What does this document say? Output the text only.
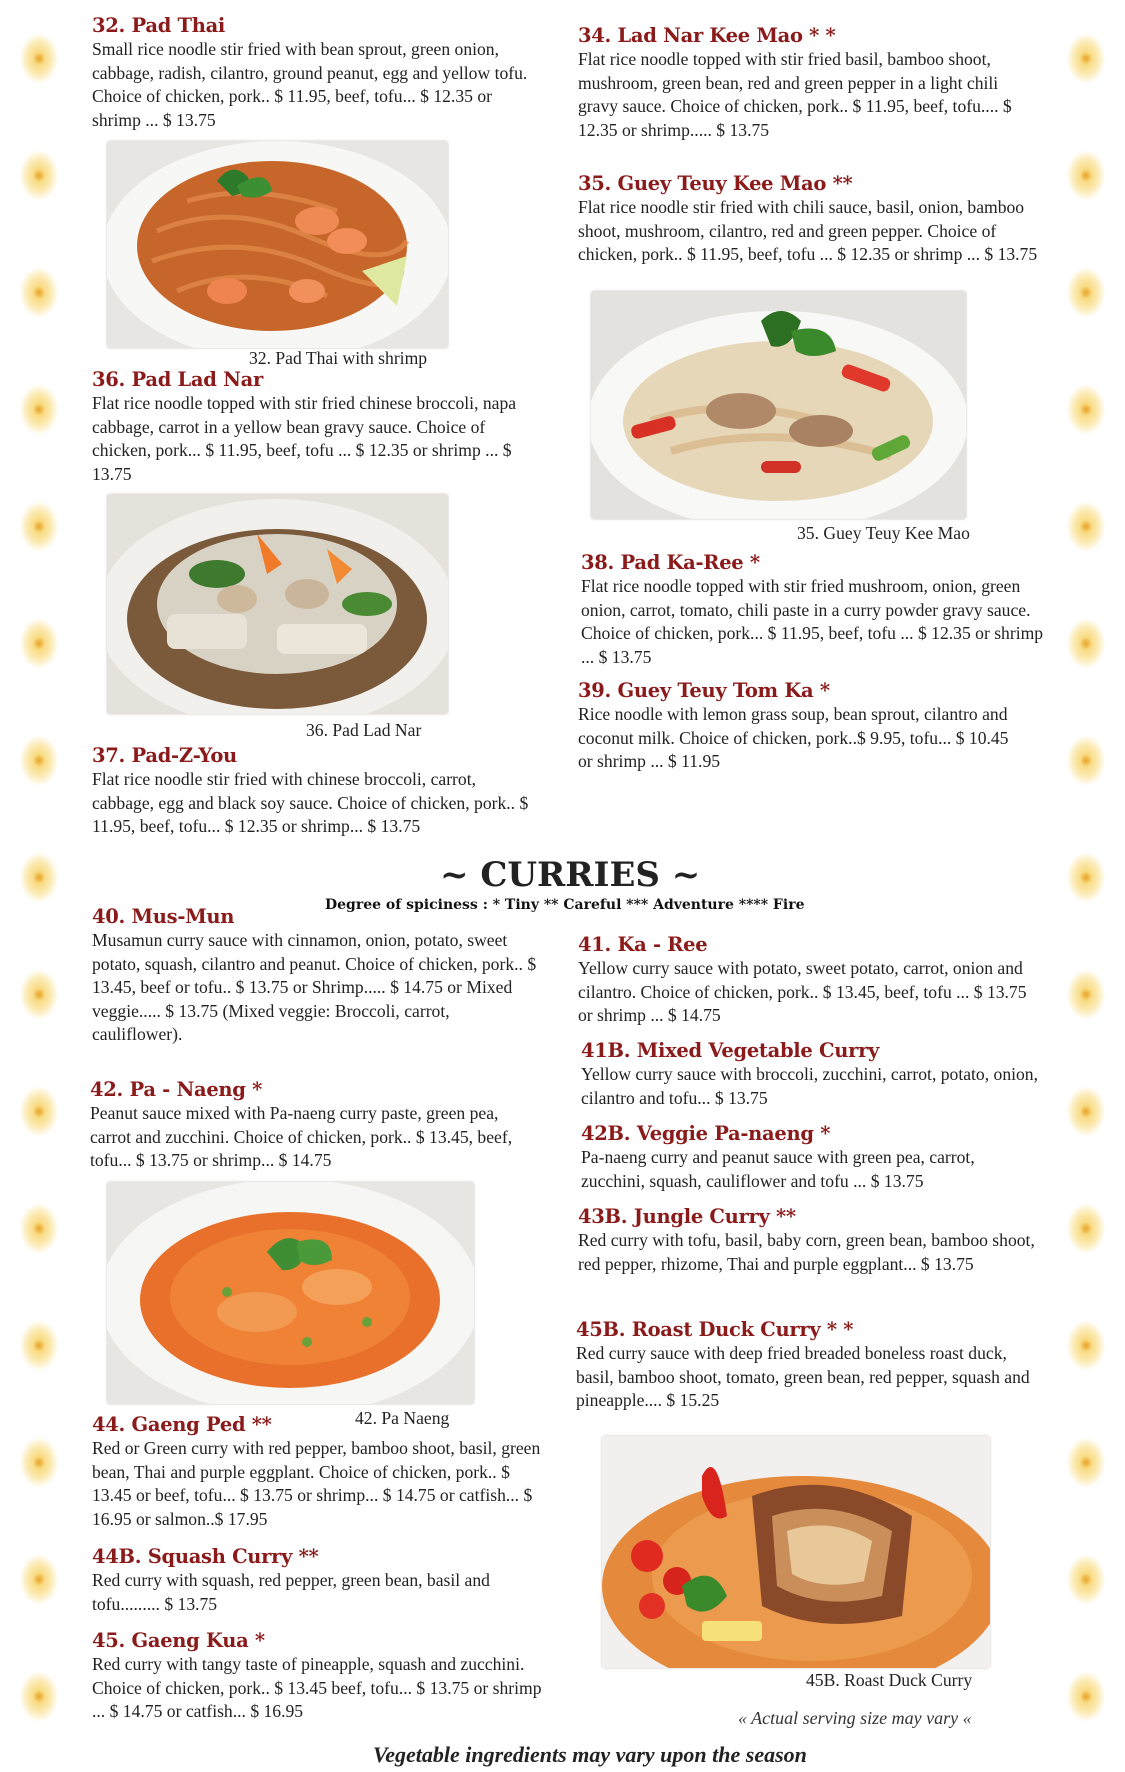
32. Pad Thai
Small rice noodle stir fried with bean sprout, green onion, cabbage, radish, cilantro, ground peanut, egg and yellow tofu. Choice of chicken, pork.. $ 11.95, beef, tofu... $ 12.35 or shrimp ... $ 13.75
32. Pad Thai with shrimp
36. Pad Lad Nar
Flat rice noodle topped with stir fried chinese broccoli, napa cabbage, carrot in a yellow bean gravy sauce. Choice of chicken, pork... $ 11.95, beef, tofu ... $ 12.35 or shrimp ... $ 13.75
36. Pad Lad Nar
37. Pad-Z-You
Flat rice noodle stir fried with chinese broccoli, carrot, cabbage, egg and black soy sauce. Choice of chicken, pork.. $ 11.95, beef, tofu... $ 12.35 or shrimp... $ 13.75
34. Lad Nar Kee Mao * *
Flat rice noodle topped with stir fried basil, bamboo shoot, mushroom, green bean, red and green pepper in a light chili gravy sauce. Choice of chicken, pork.. $ 11.95, beef, tofu.... $ 12.35 or shrimp..... $ 13.75
35. Guey Teuy Kee Mao **
Flat rice noodle stir fried with chili sauce, basil, onion, bamboo shoot, mushroom, cilantro, red and green pepper. Choice of chicken, pork.. $ 11.95, beef, tofu ... $ 12.35 or shrimp ... $ 13.75
35. Guey Teuy Kee Mao
38. Pad Ka-Ree *
Flat rice noodle topped with stir fried mushroom, onion, green onion, carrot, tomato, chili paste in a curry powder gravy sauce. Choice of chicken, pork... $ 11.95, beef, tofu ... $ 12.35 or shrimp ... $ 13.75
39. Guey Teuy Tom Ka *
Rice noodle with lemon grass soup, bean sprout, cilantro and coconut milk. Choice of chicken, pork..$ 9.95, tofu... $ 10.45 or shrimp ... $ 11.95
~ CURRIES ~
Degree of spiciness : * Tiny ** Careful *** Adventure **** Fire
40. Mus-Mun
Musamun curry sauce with cinnamon, onion, potato, sweet potato, squash, cilantro and peanut. Choice of chicken, pork.. $ 13.45, beef or tofu.. $ 13.75 or Shrimp..... $ 14.75 or Mixed veggie..... $ 13.75 (Mixed veggie: Broccoli, carrot, cauliflower).
42. Pa - Naeng *
Peanut sauce mixed with Pa-naeng curry paste, green pea, carrot and zucchini. Choice of chicken, pork.. $ 13.45, beef, tofu... $ 13.75 or shrimp... $ 14.75
42. Pa Naeng
44. Gaeng Ped **
Red or Green curry with red pepper, bamboo shoot, basil, green bean, Thai and purple eggplant. Choice of chicken, pork.. $ 13.45 or beef, tofu... $ 13.75 or shrimp... $ 14.75 or catfish... $ 16.95 or salmon..$ 17.95
44B. Squash Curry **
Red curry with squash, red pepper, green bean, basil and tofu......... $ 13.75
45. Gaeng Kua *
Red curry with tangy taste of pineapple, squash and zucchini. Choice of chicken, pork.. $ 13.45 beef, tofu... $ 13.75 or shrimp ... $ 14.75 or catfish... $ 16.95
41. Ka - Ree
Yellow curry sauce with potato, sweet potato, carrot, onion and cilantro. Choice of chicken, pork.. $ 13.45, beef, tofu ... $ 13.75 or shrimp ... $ 14.75
41B. Mixed Vegetable Curry
Yellow curry sauce with broccoli, zucchini, carrot, potato, onion, cilantro and tofu... $ 13.75
42B. Veggie Pa-naeng *
Pa-naeng curry and peanut sauce with green pea, carrot, zucchini, squash, cauliflower and tofu ... $ 13.75
43B. Jungle Curry **
Red curry with tofu, basil, baby corn, green bean, bamboo shoot, red pepper, rhizome, Thai and purple eggplant... $ 13.75
45B. Roast Duck Curry * *
Red curry sauce with deep fried breaded boneless roast duck, basil, bamboo shoot, tomato, green bean, red pepper, squash and pineapple.... $ 15.25
45B. Roast Duck Curry
« Actual serving size may vary «
Vegetable ingredients may vary upon the season
